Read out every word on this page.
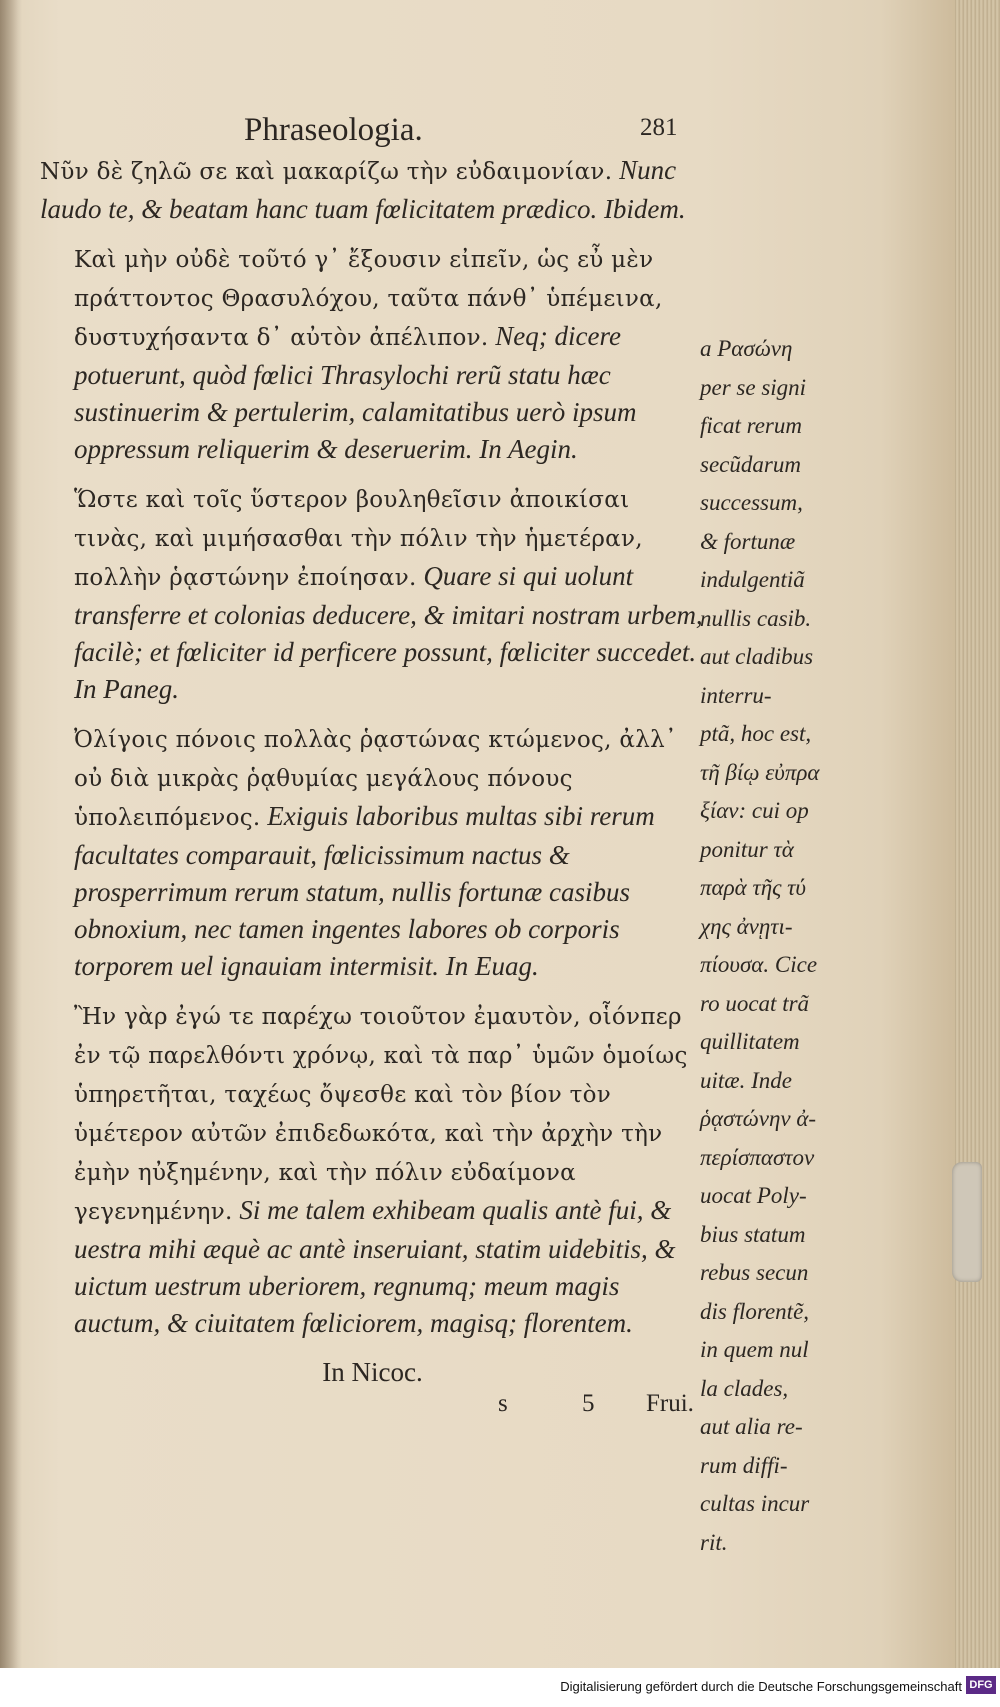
Phraseologia.	281

Νῦν δὲ ζηλῶ σε καὶ μακαρίζω τὴν εὐδαιμονίαν. Nunc laudo te, & beatam hanc tuam fœlicitatem prædico. Ibidem.

Καὶ μὴν οὐδὲ τοῦτό γ᾽ ἔξουσιν εἰπεῖν, ὡς εὖ μὲν πράττοντος Θρασυλόχου, ταῦτα πάνθ᾽ ὑπέμεινα, δυστυχήσαντα δ᾽ αὐτὸν ἀπέλιπον. Neq; dicere potuerunt, quòd fœlici Thrasylochi rerũ statu hæc sustinuerim & pertulerim, calamitatibus uerò ipsum oppressum reliquerim & deseruerim. In Aegin.

Ὥστε καὶ τοῖς ὕστερον βουληθεῖσιν ἀποικίσαι τινὰς, καὶ μιμήσασθαι τὴν πόλιν τὴν ἡμετέραν, πολλὴν ῥᾳστώνην ἐποίησαν. Quare si qui uolunt transferre et colonias deducere, & imitari nostram urbem, facilè; et fœliciter id perficere possunt, fœliciter succedet. In Paneg.

Ὀλίγοις πόνοις πολλὰς ῥᾳστώνας κτώμενος, ἀλλ᾽ οὐ διὰ μικρὰς ῥᾳθυμίας μεγάλους πόνους ὑπολειπόμενος. Exiguis laboribus multas sibi rerum facultates comparauit, fœlicissimum nactus & prosperrimum rerum statum, nullis fortunæ casibus obnoxium, nec tamen ingentes labores ob corporis torporem uel ignauiam intermisit. In Euag.

Ἢν γὰρ ἐγώ τε παρέχω τοιοῦτον ἐμαυτὸν, οἷόνπερ ἐν τῷ παρελθόντι χρόνῳ, καὶ τὰ παρ᾽ ὑμῶν ὁμοίως ὑπηρετῆται, ταχέως ὄψεσθε καὶ τὸν βίον τὸν ὑμέτερον αὐτῶν ἐπιδεδωκότα, καὶ τὴν ἀρχὴν τὴν ἐμὴν ηὐξημένην, καὶ τὴν πόλιν εὐδαίμονα γεγενημένην. Si me talem exhibeam qualis antè fui, & uestra mihi æquè ac antè inseruiant, statim uidebitis, & uictum uestrum uberiorem, regnumq; meum magis auctum, & ciuitatem fœliciorem, magisq; florentem.

In Nicoc.

a Ρασώνη
per se signi
ficat rerum
secũdarum
successum,
& fortunæ
indulgentiã
nullis casib.
aut cladibus
interru-
ptã, hoc est,
τῆ βίῳ εὐπρα
ξίαν: cui op
ponitur τὰ
παρὰ τῆς τύ
χης ἀνῃτι-
πίουσα. Cice
ro uocat trã
quillitatem
uitæ. Inde
ῥᾳστώνην ἀ-
περίσπαστον
uocat Poly-
bius statum
rebus secun
dis florentẽ,
in quem nul
la clades,
aut alia re-
rum diffi-
cultas incur
rit.
s 5 Frui.
Digitalisierung gefördert durch die Deutsche Forschungsgemeinschaft DFG
